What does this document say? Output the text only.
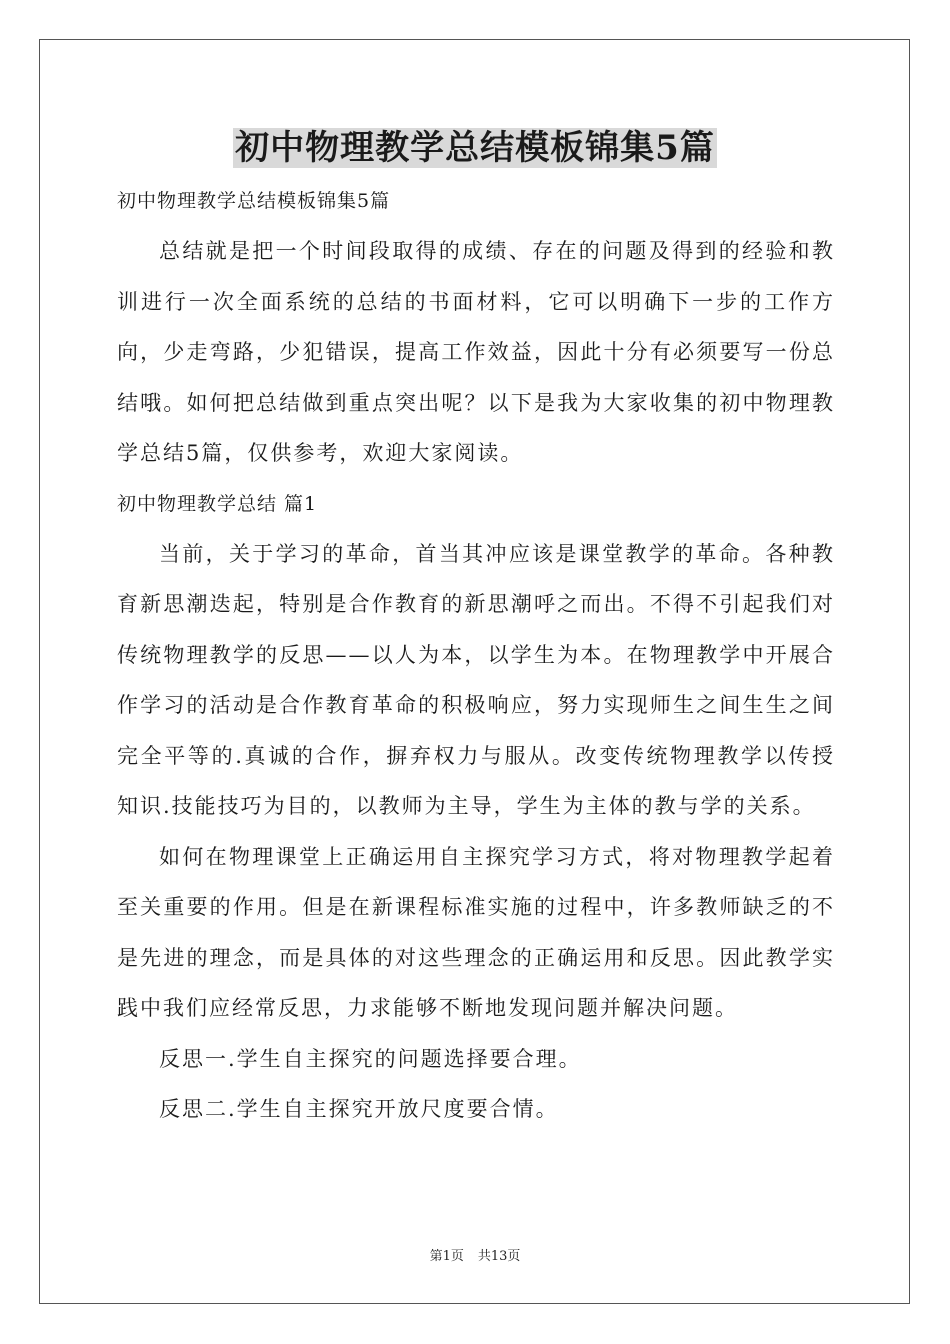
初中物理教学总结模板锦集5篇
初中物理教学总结模板锦集5篇

总结就是把一个时间段取得的成绩、存在的问题及得到的经验和教训进行一次全面系统的总结的书面材料，它可以明确下一步的工作方向，少走弯路，少犯错误，提高工作效益，因此十分有必须要写一份总结哦。如何把总结做到重点突出呢？以下是我为大家收集的初中物理教学总结5篇，仅供参考，欢迎大家阅读。

初中物理教学总结 篇1

当前，关于学习的革命，首当其冲应该是课堂教学的革命。各种教育新思潮迭起，特别是合作教育的新思潮呼之而出。不得不引起我们对传统物理教学的反思——以人为本，以学生为本。在物理教学中开展合作学习的活动是合作教育革命的积极响应，努力实现师生之间生生之间完全平等的.真诚的合作，摒弃权力与服从。改变传统物理教学以传授知识.技能技巧为目的，以教师为主导，学生为主体的教与学的关系。

如何在物理课堂上正确运用自主探究学习方式，将对物理教学起着至关重要的作用。但是在新课程标准实施的过程中，许多教师缺乏的不是先进的理念，而是具体的对这些理念的正确运用和反思。因此教学实践中我们应经常反思，力求能够不断地发现问题并解决问题。

反思一.学生自主探究的问题选择要合理。

反思二.学生自主探究开放尺度要合情。

第1页 共13页
